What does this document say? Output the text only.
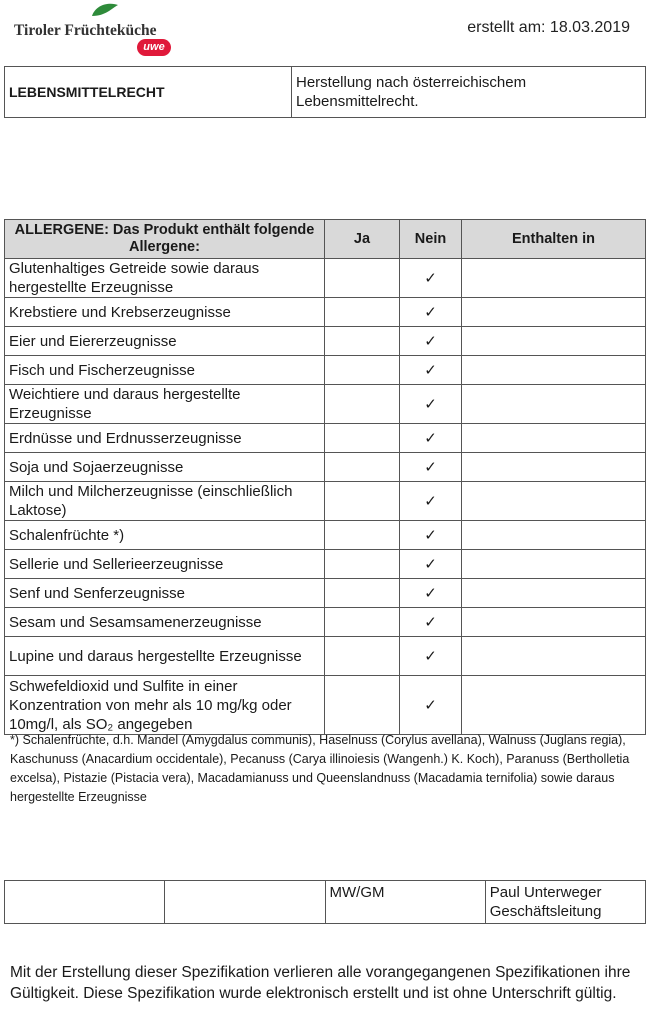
Tiroler Früchteküche
uwe
erstellt am: 18.03.2019
LEBENSMITTELRECHT	Herstellung nach österreichischem Lebensmittelrecht.
ALLERGENE: Das Produkt enthält folgende Allergene:	Ja	Nein	Enthalten in
Glutenhaltiges Getreide sowie daraus hergestellte Erzeugnisse		✓	
Krebstiere und Krebserzeugnisse		✓	
Eier und Eiererzeugnisse		✓	
Fisch und Fischerzeugnisse		✓	
Weichtiere und daraus hergestellte Erzeugnisse		✓	
Erdnüsse und Erdnusserzeugnisse		✓	
Soja und Sojaerzeugnisse		✓	
Milch und Milcherzeugnisse (einschließlich Laktose)		✓	
Schalenfrüchte *)		✓	
Sellerie und Sellerieerzeugnisse		✓	
Senf und Senferzeugnisse		✓	
Sesam und Sesamsamenerzeugnisse		✓	
Lupine und daraus hergestellte Erzeugnisse		✓	
Schwefeldioxid und Sulfite in einer Konzentration von mehr als 10 mg/kg oder 10mg/l, als SO₂ angegeben		✓	

*) Schalenfrüchte, d.h. Mandel (Amygdalus communis), Haselnuss (Corylus avellana), Walnuss (Juglans regia), Kaschunuss (Anacardium occidentale), Pecanuss (Carya illinoiesis (Wangenh.) K. Koch), Paranuss (Bertholletia excelsa), Pistazie (Pistacia vera), Macadamianuss und Queenslandnuss (Macadamia ternifolia) sowie daraus hergestellte Erzeugnisse

		MW/GM	Paul Unterweger
Geschäftsleitung

Mit der Erstellung dieser Spezifikation verlieren alle vorangegangenen Spezifikationen ihre Gültigkeit. Diese Spezifikation wurde elektronisch erstellt und ist ohne Unterschrift gültig.
